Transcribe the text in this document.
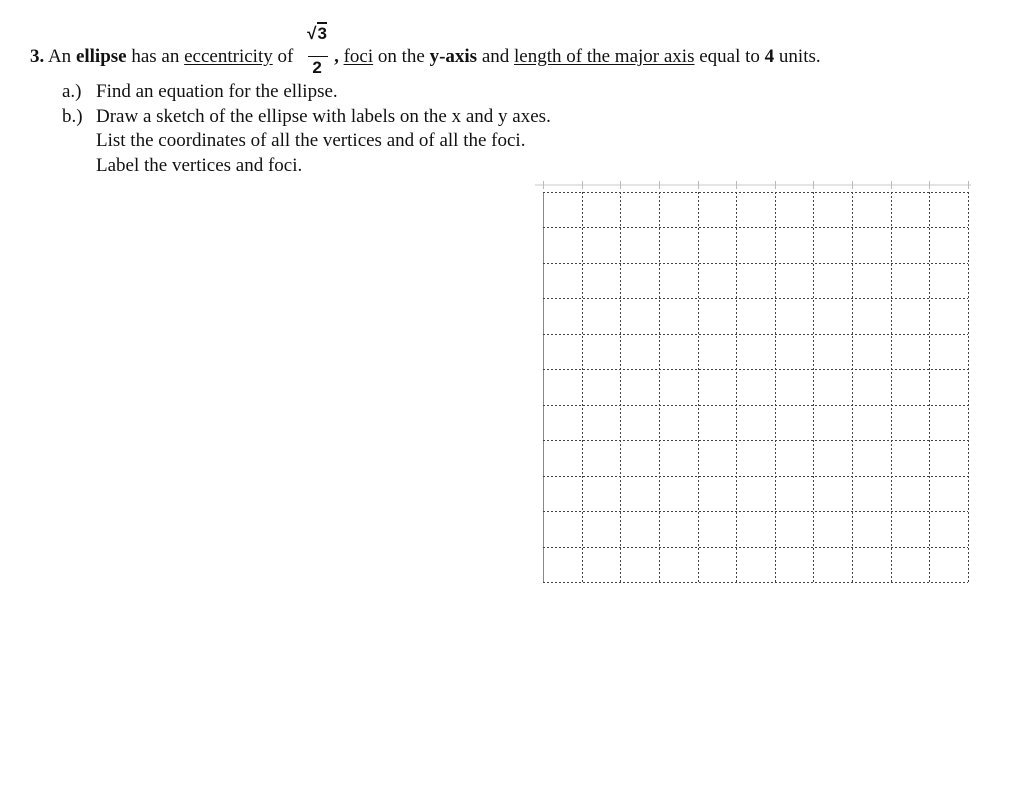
3. An ellipse has an eccentricity of $\frac{√3}{2}$ , foci on the y-axis and length of the major axis equal to 4 units.
a.) Find an equation for the ellipse.
b.) Draw a sketch of the ellipse with labels on the x and y axes.
List the coordinates of all the vertices and of all the foci.
Label the vertices and foci.
